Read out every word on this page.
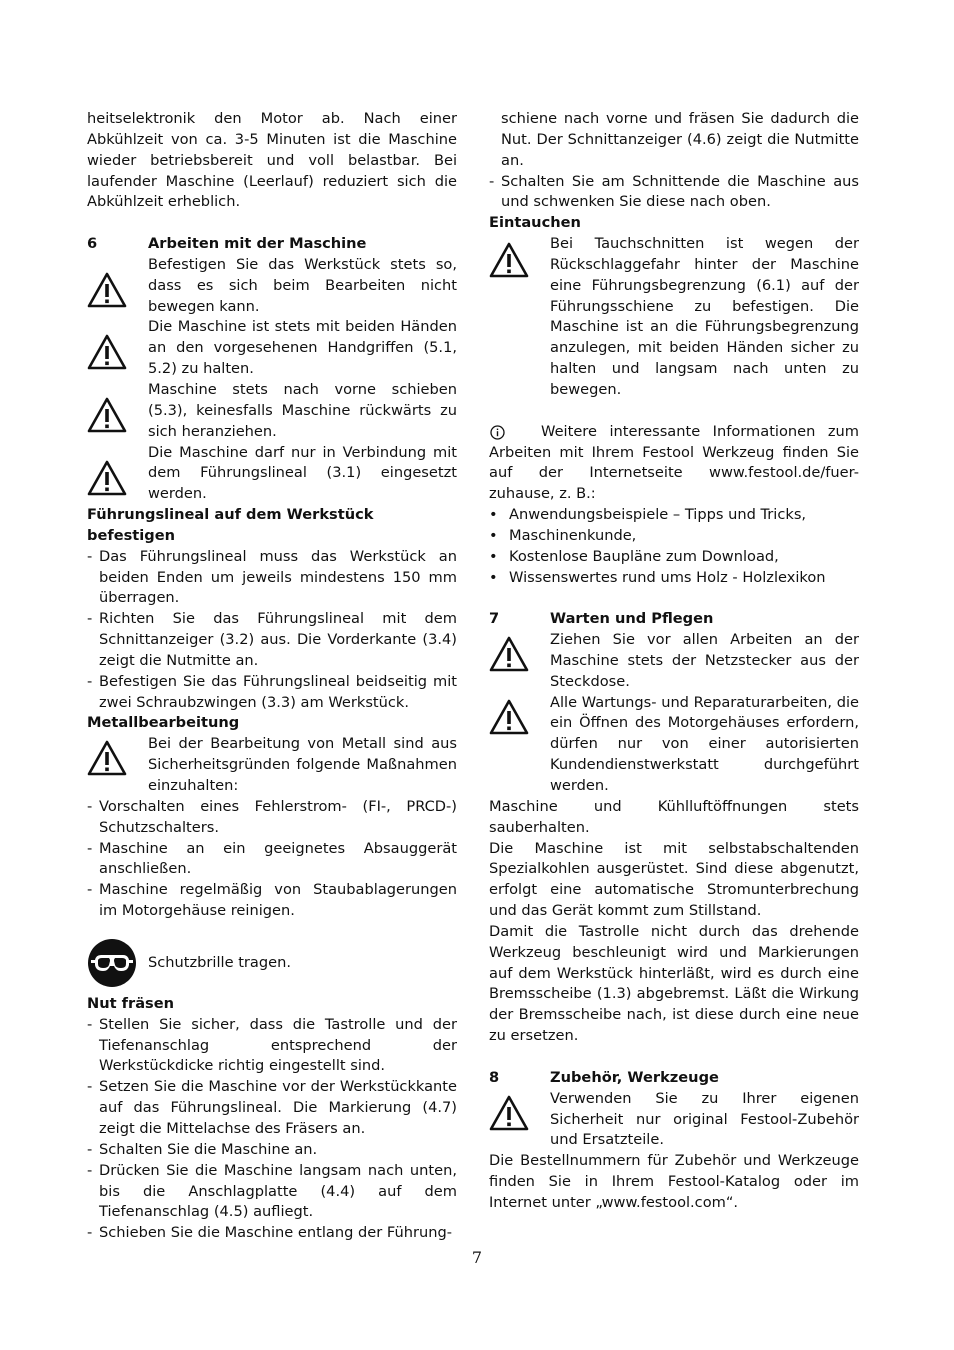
heitselektronik den Motor ab. Nach einer Abkühlzeit von ca. 3-5 Minuten ist die Maschine wieder betriebsbereit und voll belastbar. Bei laufender Maschine (Leerlauf) reduziert sich die Abkühlzeit erheblich.

6	Arbeiten mit der Maschine

Befestigen Sie das Werkstück stets so, dass es sich beim Bearbeiten nicht bewegen kann.
Die Maschine ist stets mit beiden Händen an den vorgesehenen Handgriffen (5.1, 5.2) zu halten.
Maschine stets nach vorne schieben (5.3), keinesfalls Maschine rückwärts zu sich heranziehen.
Die Maschine darf nur in Verbindung mit dem Führungslineal (3.1) eingesetzt werden.

Führungslineal auf dem Werkstück befestigen

- Das Führungslineal muss das Werkstück an beiden Enden um jeweils mindestens 150 mm überragen.

- Richten Sie das Führungslineal mit dem Schnittanzeiger (3.2) aus. Die Vorderkante (3.4) zeigt die Nutmitte an.

- Befestigen Sie das Führungslineal beidseitig mit zwei Schraubzwingen (3.3) am Werkstück.

Metallbearbeitung

Bei der Bearbeitung von Metall sind aus Sicherheitsgründen folgende Maßnahmen einzuhalten:

- Vorschalten eines Fehlerstrom- (FI-, PRCD-) Schutzschalters.

- Maschine an ein geeignetes Absauggerät anschließen.

- Maschine regelmäßig von Staubablagerungen im Motorgehäuse reinigen.

Schutzbrille tragen.

Nut fräsen

- Stellen Sie sicher, dass die Tastrolle und der Tiefenanschlag entsprechend der Werkstückdicke richtig eingestellt sind.

- Setzen Sie die Maschine vor der Werkstückkante auf das Führungslineal. Die Markierung (4.7) zeigt die Mittelachse des Fräsers an.

- Schalten Sie die Maschine an.

- Drücken Sie die Maschine langsam nach unten, bis die Anschlagplatte (4.4) auf dem Tiefenanschlag (4.5) aufliegt.

- Schieben Sie die Maschine entlang der Führung-

schiene nach vorne und fräsen Sie dadurch die Nut. Der Schnittanzeiger (4.6) zeigt die Nutmitte an.

- Schalten Sie am Schnittende die Maschine aus und schwenken Sie diese nach oben.

Eintauchen

Bei Tauchschnitten ist wegen der Rückschlaggefahr hinter der Maschine eine Führungsbegrenzung (6.1) auf der Führungsschiene zu befestigen. Die Maschine ist an die Führungsbegrenzung anzulegen, mit beiden Händen sicher zu halten und langsam nach unten zu bewegen.

Weitere interessante Informationen zum Arbeiten mit Ihrem Festool Werkzeug finden Sie auf der Internetseite www.festool.de/fuer-zuhause, z. B.:

• Anwendungsbeispiele – Tipps und Tricks,

• Maschinenkunde,

• Kostenlose Baupläne zum Download,

• Wissenswertes rund ums Holz - Holzlexikon

7	Warten und Pflegen

Ziehen Sie vor allen Arbeiten an der Maschine stets der Netzstecker aus der Steckdose.
Alle Wartungs- und Reparaturarbeiten, die ein Öffnen des Motorgehäuses erfordern, dürfen nur von einer autorisierten Kundendienstwerkstatt durchgeführt werden.

Maschine und Kühlluftöffnungen stets sauberhalten.

Die Maschine ist mit selbstabschaltenden Spezialkohlen ausgerüstet. Sind diese abgenutzt, erfolgt eine automatische Stromunterbrechung und das Gerät kommt zum Stillstand.

Damit die Tastrolle nicht durch das drehende Werkzeug beschleunigt wird und Markierungen auf dem Werkstück hinterläßt, wird es durch eine Bremsscheibe (1.3) abgebremst. Läßt die Wirkung der Bremsscheibe nach, ist diese durch eine neue zu ersetzen.

8	Zubehör, Werkzeuge

Verwenden Sie zu Ihrer eigenen Sicherheit nur original Festool-Zubehör und Ersatzteile.

Die Bestellnummern für Zubehör und Werkzeuge finden Sie in Ihrem Festool-Katalog oder im Internet unter „www.festool.com“.

7
